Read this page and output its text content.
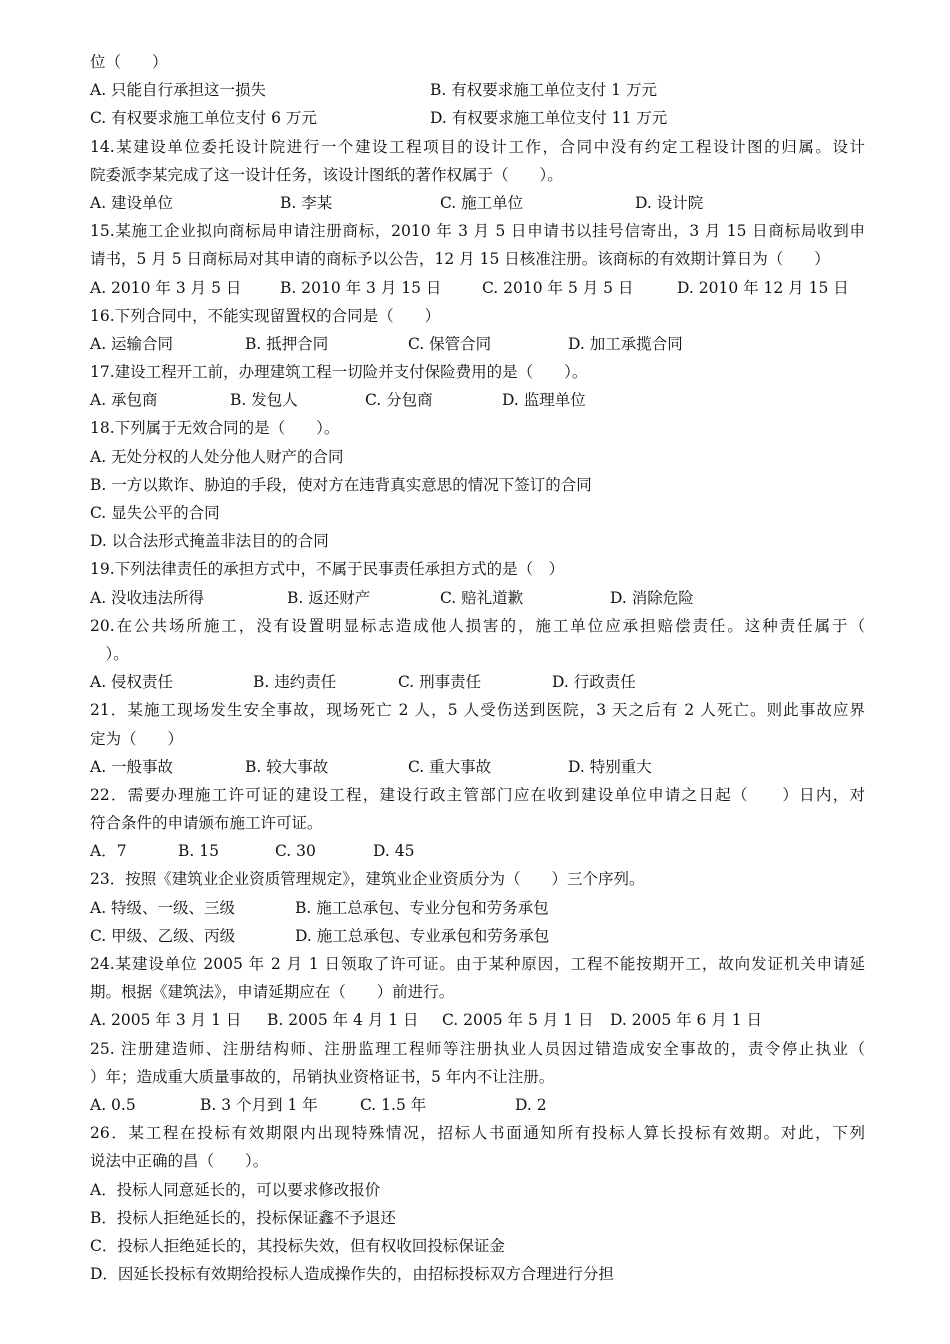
位（　　）
A. 只能自行承担这一损失	B. 有权要求施工单位支付 1 万元
C. 有权要求施工单位支付 6 万元	D. 有权要求施工单位支付 11 万元
14.某建设单位委托设计院进行一个建设工程项目的设计工作，合同中没有约定工程设计图的归属。设计
院委派李某完成了这一设计任务，该设计图纸的著作权属于（　　）。
A. 建设单位	B. 李某	C. 施工单位	D. 设计院
15.某施工企业拟向商标局申请注册商标，2010 年 3 月 5 日申请书以挂号信寄出，3 月 15 日商标局收到申
请书，5 月 5 日商标局对其申请的商标予以公告，12 月 15 日核准注册。该商标的有效期计算日为（　　）
A. 2010 年 3 月 5 日 B. 2010 年 3 月 15 日	C. 2010 年 5 月 5 日	D. 2010 年 12 月 15 日
16.下列合同中，不能实现留置权的合同是（　　）
A. 运输合同	B. 抵押合同	C. 保管合同	D. 加工承揽合同
17.建设工程开工前，办理建筑工程一切险并支付保险费用的是（　　）。
A. 承包商	B. 发包人	C. 分包商	D. 监理单位
18.下列属于无效合同的是（　　）。
A. 无处分权的人处分他人财产的合同
B. 一方以欺诈、胁迫的手段，使对方在违背真实意思的情况下签订的合同
C. 显失公平的合同
D. 以合法形式掩盖非法目的的合同
19.下列法律责任的承担方式中，不属于民事责任承担方式的是（　）
A. 没收违法所得	B. 返还财产	C. 赔礼道歉	D. 消除危险
20.在公共场所施工，没有设置明显标志造成他人损害的，施工单位应承担赔偿责任。这种责任属于（
　）。
A. 侵权责任	B. 违约责任	C. 刑事责任	D. 行政责任
21．某施工现场发生安全事故，现场死亡 2 人，5 人受伤送到医院，3 天之后有 2 人死亡。则此事故应界
定为（　　）
A. 一般事故	B. 较大事故	C. 重大事故	D. 特别重大
22．需要办理施工许可证的建设工程，建设行政主管部门应在收到建设单位申请之日起（　　）日内，对
符合条件的申请颁布施工许可证。
A．7	B. 15	C. 30	D. 45
23．按照《建筑业企业资质管理规定》，建筑业企业资质分为（　　）三个序列。
A. 特级、一级、三级	B. 施工总承包、专业分包和劳务承包
C. 甲级、乙级、丙级	D. 施工总承包、专业承包和劳务承包
24.某建设单位 2005 年 2 月 1 日领取了许可证。由于某种原因，工程不能按期开工，故向发证机关申请延
期。根据《建筑法》，申请延期应在（　　）前进行。
A. 2005 年 3 月 1 日 B. 2005 年 4 月 1 日 C. 2005 年 5 月 1 日 D. 2005 年 6 月 1 日
25. 注册建造师、注册结构师、注册监理工程师等注册执业人员因过错造成安全事故的，责令停止执业（
）年；造成重大质量事故的，吊销执业资格证书，5 年内不让注册。
A. 0.5	B. 3 个月到 1 年	C. 1.5 年	D. 2
26．某工程在投标有效期限内出现特殊情况，招标人书面通知所有投标人算长投标有效期。对此，下列
说法中正确的昌（　　）。
A．投标人同意延长的，可以要求修改报价
B．投标人拒绝延长的，投标保证鑫不予退还
C．投标人拒绝延长的，其投标失效，但有权收回投标保证金
D．因延长投标有效期给投标人造成操作失的，由招标投标双方合理进行分担
